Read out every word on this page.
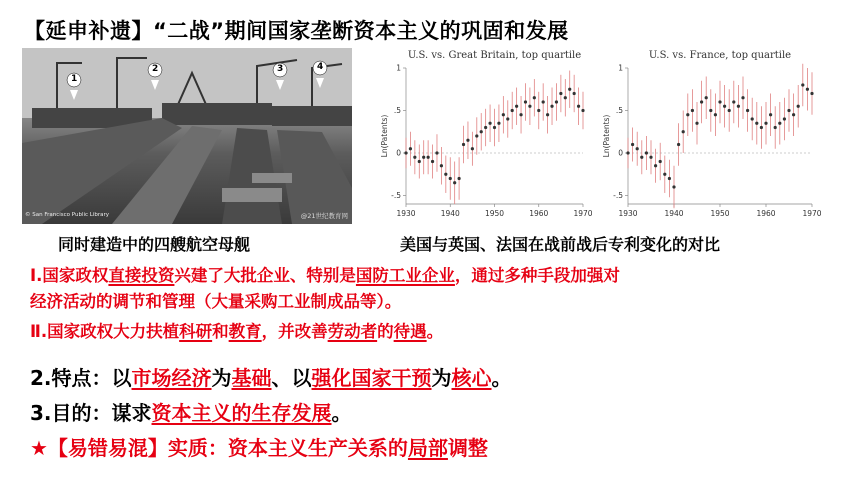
【延申补遗】“二战”期间国家垄断资本主义的巩固和发展
1
2	3	4
© San Francisco Public Library	@21世纪教育网
同时建造中的四艘航空母舰
U.S. vs. Great Britain, top quartile
1
.5
0
-.5
1930	1940	1950	1960	1970
Ln(Patents)
U.S. vs. France, top quartile
1
.5
0
-.5
1930	1940	1950	1960	1970
Ln(Patents)
美国与英国、法国在战前战后专利变化的对比
Ⅰ.国家政权直接投资兴建了大批企业、特别是国防工业企业，通过多种手段加强对
经济活动的调节和管理（大量采购工业制成品等）。
Ⅱ.国家政权大力扶植科研和教育，并改善劳动者的待遇。
2.特点：以市场经济为基础、以强化国家干预为核心。
3.目的：谋求资本主义的生存发展。
★【易错易混】实质：资本主义生产关系的局部调整
